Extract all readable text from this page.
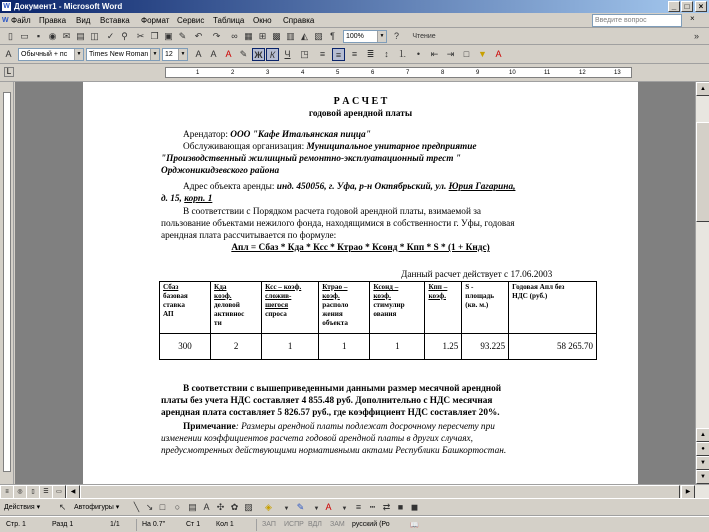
W Документ1 - Microsoft Word	_	□	×
W Файл Правка Вид Вставка Формат Сервис Таблица Окно Справка	Введите вопрос	×
▯ ▭ ▪ ◉ ✉ ▤ ◫ ✓ ⚲ ✂ ❐ ▣ ✎ ↶	↷	∞ ▦ ⊞ ▩ ▥ ◭ ▧ ¶	100%	▼	?	Чтение	»
A	Обычный + пс	▼	Times New Roman ▼	12	▼	A A A ✎ Ж К	Ч	◳	≡	≡	≡	≣	↕	⒈	•	⇤ ⇥	□ ▼ A
L	1	2	3	4	5	6	7	8	9	10	11	12	13
Р А С Ч Е Т
годовой арендной платы
Арендатор: ООО "Кафе Итальянская пицца"
Обслуживающая организация: Муниципальное унитарное предприятие
"Производственный жилищный ремонтно-эксплуатационный трест "
Орджоникидзевского района
Адрес объекта аренды: инд. 450056, г. Уфа, р-н Октябрьский, ул. Юрия Гагарина,
д. 15, корп. 1
В соответствии с Порядком расчета годовой арендной платы, взимаемой за
пользование объектами нежилого фонда, находящимися в собственности г. Уфы, годовая
арендная плата рассчитывается по формуле:
Апл = Сбаз * Кда * Ксс * Ктрао * Ксонд * Кпп * S * (1 + Кндс)
Данный расчет действует с 17.06.2003
Сбаз
базовая
ставка
АП	Кда
коэф.
деловой
активнос
ти	Ксс – коэф.
сложив-
шегося
спроса	Ктрао –
коэф.
располо
жения
объекта	Ксонд –
коэф.
стимулир
ования	Кпп –
коэф.	S -
площадь
(кв. м.)	Годовая Апл без
НДС (руб.)
300	2	1	1	1	1.25	93.225	58 265.70
В соответствии с вышеприведенными данными размер месячной арендной
платы без учета НДС составляет 4 855.48 руб. Дополнительно с НДС месячная
арендная плата составляет 5 826.57 руб., где коэффициент НДС составляет 20%.
Примечание: Размеры арендной платы подлежат досрочному пересчету при
изменении коэффициентов расчета годовой арендной платы в других случаях,
предусмотренных действующими нормативными актами Республики Башкортостан.
▲
▲
●
▼
▼
≡	◎	▯	☰	▭	◀	▶
Действия ▾	↖	Автофигуры ▾	╲ ↘ □	○ ▤ A ✣ ✿ ▨	◈	▼ ✎	▼ A	▼ ≡ ┅ ⇄ ■ ◼
Стр. 1	Разд 1	1/1	На 0.7"	Ст 1 Кол 1	ЗАП ИСПР ВДЛ ЗАМ русский (Ро	📖
